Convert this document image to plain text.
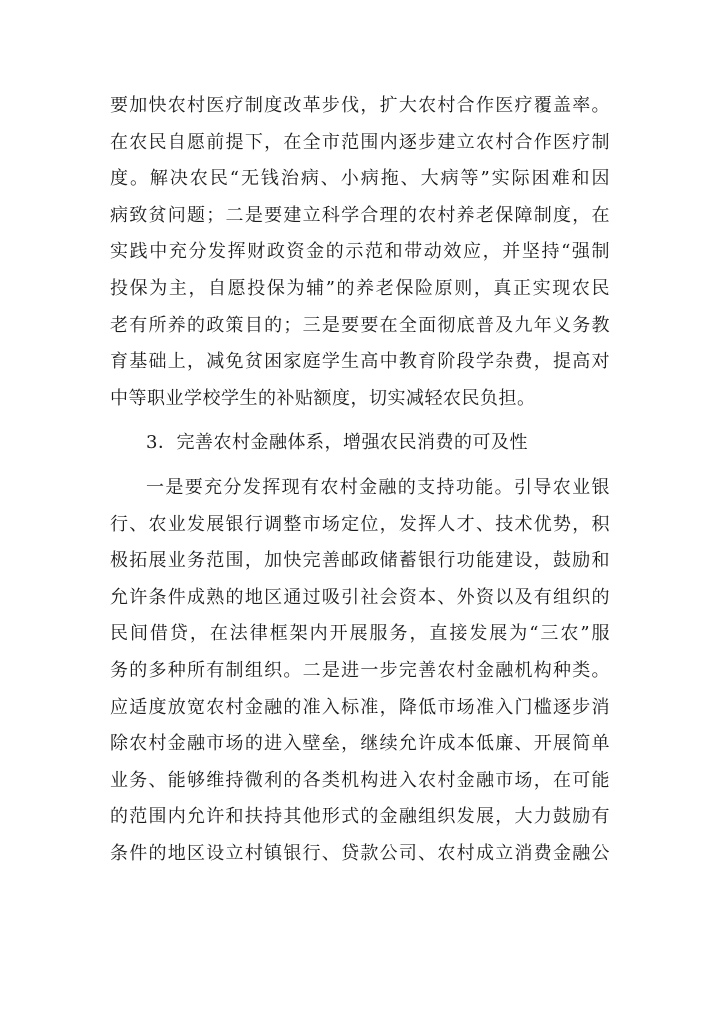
要加快农村医疗制度改革步伐，扩大农村合作医疗覆盖率。
在农民自愿前提下，在全市范围内逐步建立农村合作医疗制
度。解决农民“无钱治病、小病拖、大病等”实际困难和因
病致贫问题；二是要建立科学合理的农村养老保障制度，在
实践中充分发挥财政资金的示范和带动效应，并坚持“强制
投保为主，自愿投保为辅”的养老保险原则，真正实现农民
老有所养的政策目的；三是要要在全面彻底普及九年义务教
育基础上，减免贫困家庭学生高中教育阶段学杂费，提高对
中等职业学校学生的补贴额度，切实减轻农民负担。
3．完善农村金融体系，增强农民消费的可及性
一是要充分发挥现有农村金融的支持功能。引导农业银
行、农业发展银行调整市场定位，发挥人才、技术优势，积
极拓展业务范围，加快完善邮政储蓄银行功能建设，鼓励和
允许条件成熟的地区通过吸引社会资本、外资以及有组织的
民间借贷，在法律框架内开展服务，直接发展为“三农”服
务的多种所有制组织。二是进一步完善农村金融机构种类。
应适度放宽农村金融的准入标准，降低市场准入门槛逐步消
除农村金融市场的进入壁垒，继续允许成本低廉、开展简单
业务、能够维持微利的各类机构进入农村金融市场，在可能
的范围内允许和扶持其他形式的金融组织发展，大力鼓励有
条件的地区设立村镇银行、贷款公司、农村成立消费金融公
